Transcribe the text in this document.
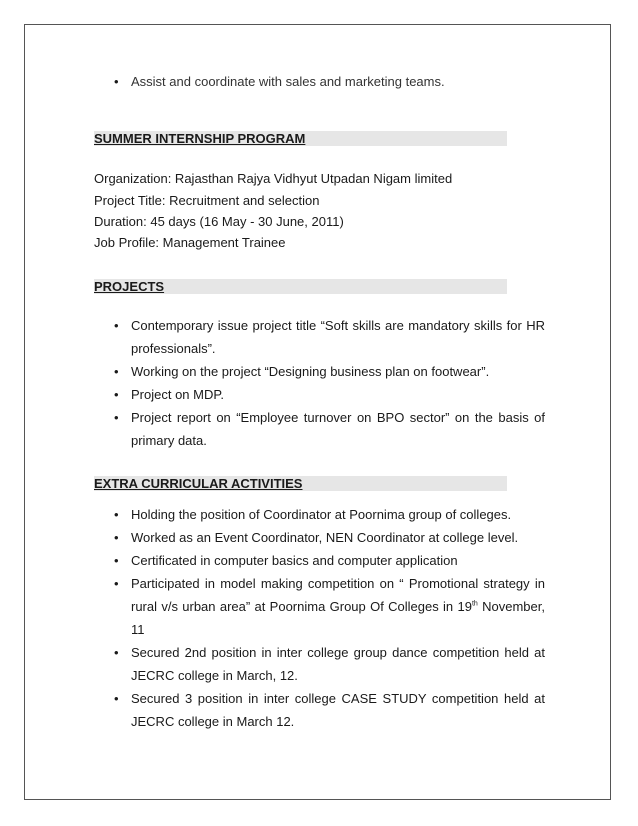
• Assist and coordinate with sales and marketing teams.
SUMMER INTERNSHIP PROGRAM

Organization: Rajasthan Rajya Vidhyut Utpadan Nigam limited

Project Title: Recruitment and selection

Duration: 45 days (16 May - 30 June, 2011)

Job Profile: Management Trainee

PROJECTS
• Contemporary issue project title “Soft skills are mandatory skills for HR professionals”.
• Working on the project “Designing business plan on footwear”.
• Project on MDP.
• Project report on “Employee turnover on BPO sector” on the basis of primary data.
EXTRA CURRICULAR ACTIVITIES
• Holding the position of Coordinator at Poornima group of colleges.
• Worked as an Event Coordinator, NEN Coordinator at college level.
• Certificated in computer basics and computer application
• Participated in model making competition on “ Promotional strategy in rural v/s urban area” at Poornima Group Of Colleges in 19th November, 11
• Secured 2nd position in inter college group dance competition held at JECRC college in March, 12.
• Secured 3 position in inter college CASE STUDY competition held at JECRC college in March 12.
